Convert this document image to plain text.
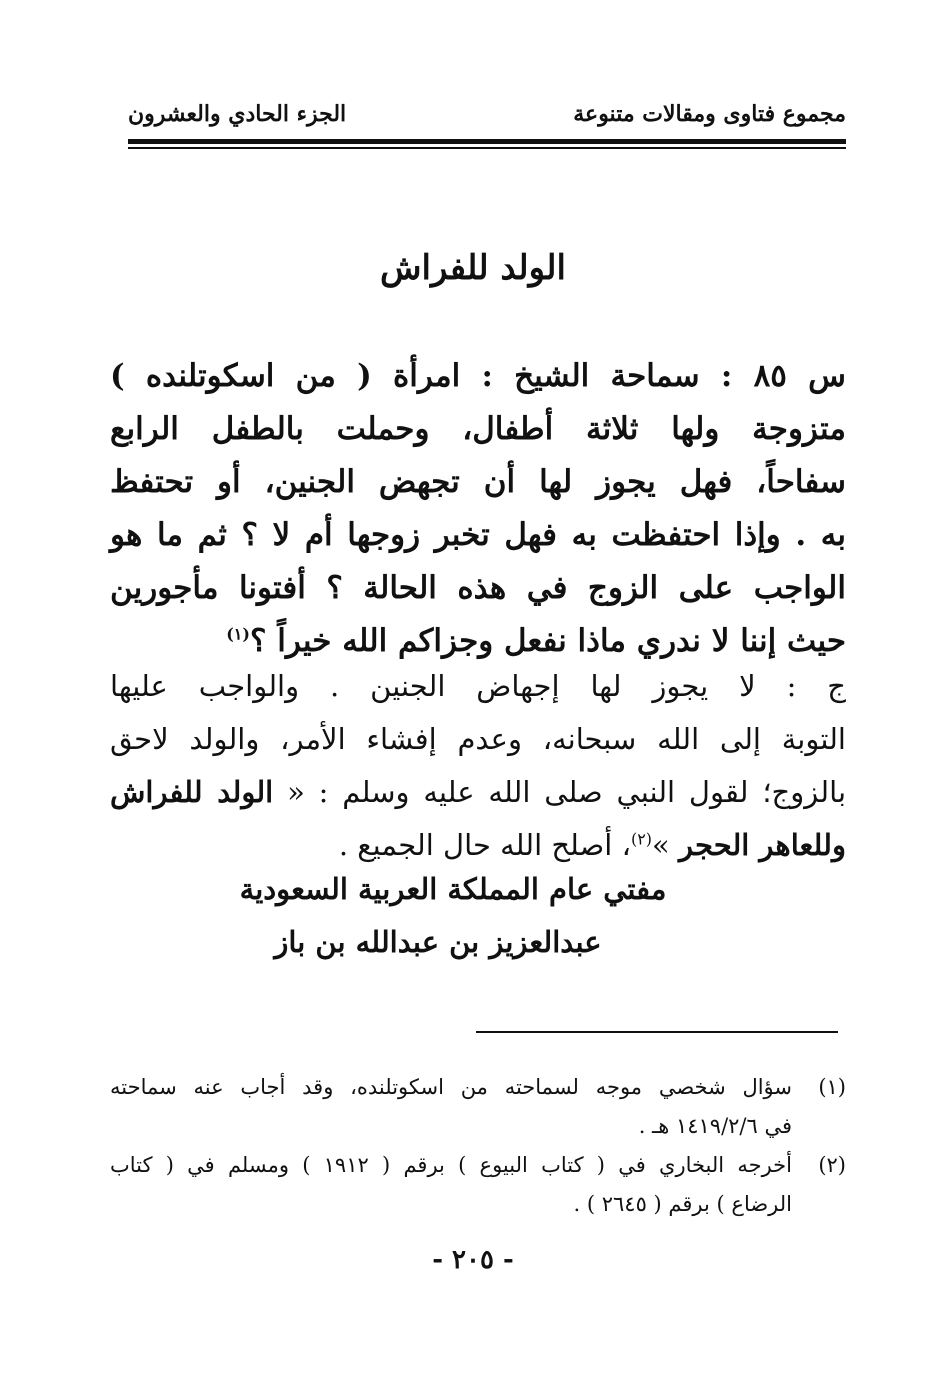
مجموع فتاوى ومقالات متنوعة
الجزء الحادي والعشرون
الولد للفراش
س ٨٥ : سماحة الشيخ : امرأة ( من اسكوتلنده )
متزوجة ولها ثلاثة أطفال، وحملت بالطفل الرابع
سفاحاً، فهل يجوز لها أن تجهض الجنين، أو تحتفظ
به . وإذا احتفظت به فهل تخبر زوجها أم لا ؟ ثم ما هو
الواجب على الزوج في هذه الحالة ؟ أفتونا مأجورين
حيث إننا لا ندري ماذا نفعل وجزاكم الله خيراً ؟$^{(١)}$
ج : لا يجوز لها إجهاض الجنين . والواجب عليها
التوبة إلى الله سبحانه، وعدم إفشاء الأمر، والولد لاحق
بالزوج؛ لقول النبي صلى الله عليه وسلم : « الولد للفراش
وللعاهر الحجر »$^{(٢)}$، أصلح الله حال الجميع .
مفتي عام المملكة العربية السعودية
عبدالعزيز بن عبدالله بن باز
(١)
سؤال شخصي موجه لسماحته من اسكوتلنده، وقد أجاب عنه سماحته
في ١٤١٩/٢/٦ هـ .
(٢)
أخرجه البخاري في ( كتاب البيوع ) برقم ( ١٩١٢ ) ومسلم في ( كتاب
الرضاع ) برقم ( ٢٦٤٥ ) .
- ٢٠٥ -
